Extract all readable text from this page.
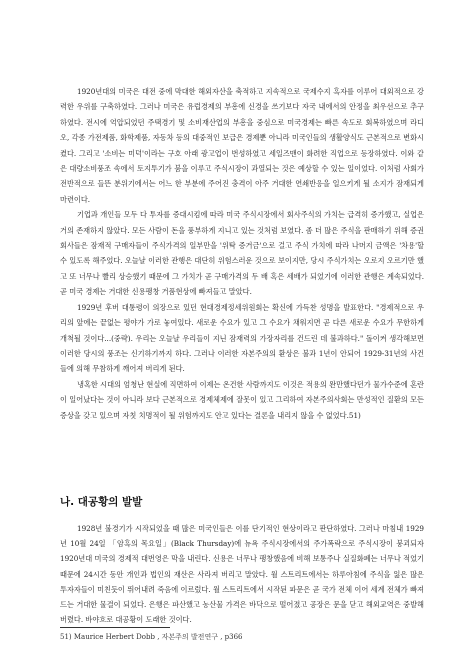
1920년대의 미국은 대전 중에 막대한 해외자산을 축적하고 지속적으로 국제수지 흑자를 이루어 대외적으로 강력한 우위를 구축하였다. 그러나 미국은 유럽경제의 부흥에 신경을 쓰기보다 자국 내에서의 안정을 최우선으로 추구하였다. 전시에 억압되었던 주택경기 및 소비재산업의 부흥을 중심으로 미국경제는 빠른 속도로 회복하였으며 라디오, 각종 가전제품, 화학제품, 자동차 등의 대중적인 보급은 경제뿐 아니라 미국인들의 생활양식도 근본적으로 변화시켰다. 그리고 '소비는 미덕'이라는 구호 아래 광고업이 번성하였고 세일즈맨이 화려한 직업으로 등장하였다. 이와 같은 대량소비풍조 속에서 토지투기가 붐을 이루고 주식시장이 과열되는 것은 예상할 수 있는 일이었다. 이처럼 사회가 전반적으로 들뜬 분위기에서는 어느 한 부분에 주어진 충격이 아주 거대한 연쇄반응을 일으키게 될 소지가 잠재되게 마련이다.

기업과 개인들 모두 다 투자를 증대시킴에 따라 미국 주식시장에서 회사주식의 가치는 급격히 증가했고, 실업은 거의 존재하지 않았다. 모든 사람이 돈을 풍부하게 지니고 있는 것처럼 보였다. 좀 더 많은 주식을 판매하기 위해 증권회사들은 잠재적 구매자들이 주식가격의 일부만을 '위탁 증거금'으로 걸고 주식 가치에 따라 나머지 금액은 '차용'할 수 있도록 해주었다. 오늘날 이러한 관행은 대단히 위험스러운 것으로 보이지만, 당시 주식가치는 오로지 오르기만 했고 또 너무나 빨리 상승했기 때문에 그 가치가 곧 구매가격의 두 배 혹은 세배가 되었기에 이러한 관행은 계속되었다. 곧 미국 경제는 거대한 신용팽창 거품현상에 빠져들고 말았다.

1929년 후버 대통령이 의장으로 있던 현대경제정세위원회는 확신에 가득찬 성명을 발표한다. "경제적으로 우리의 앞에는 끝없는 평야가 가로 놓여있다. 새로운 수요가 있고 그 수요가 채워지면 곧 다른 새로운 수요가 무한하게 개척될 것이다...(중략). 우리는 오늘날 우리들이 지닌 잠재력의 가장자리를 건드린 데 불과하다." 돌이켜 생각해보면 이러한 당시의 풍조는 신기하기까지 하다. 그러나 이러한 자본주의의 환상은 불과 1년이 안되어 1929-31년의 사건들에 의해 무참하게 깨어져 버리게 된다.

냉혹한 시대의 엄청난 현실에 직면하여 이제는 온건한 사람까지도 이것은 적용의 완만했다던가 물가수준에 혼란이 일어났다는 것이 아니라 보다 근본적으로 경제체제에 잘못이 있고 그리하여 자본주의사회는 만성적인 질환의 모든 증상을 갖고 있으며 자칫 치명적이 될 위험까지도 안고 있다는 결론을 내리지 않을 수 없었다.51)

나. 대공황의 발발

1928년 불경기가 시작되었을 때 많은 미국인들은 이를 단기적인 현상이라고 판단하였다. 그러나 마침내 1929년 10월 24일 「암흑의 목요일」(Black Thursday)에 뉴욕 주식시장에서의 주가폭락으로 주식시장이 붕괴되자 1920년대 미국의 경제적 대번영은 막을 내린다. 신용은 너무나 팽창했음에 비해 보통주나 실질화폐는 너무나 적었기 때문에 24시간 동안 개인과 법인의 재산은 사라져 버리고 말았다. 월 스트리트에서는 하루아침에 주식을 잃은 많은 투자자들이 미친듯이 뛰어내려 죽음에 이르렀다. 월 스트리트에서 시작된 파문은 곧 국가 전체 이어 세계 전체가 빠져드는 거대한 물결이 되었다. 은행은 파산했고 농산물 가격은 바닥으로 떨어졌고 공장은 문을 닫고 해외교역은 중발해버렸다. 바야흐로 대공황이 도래한 것이다.

51) Maurice Herbert Dobb , 자본주의 발전연구 , p366
